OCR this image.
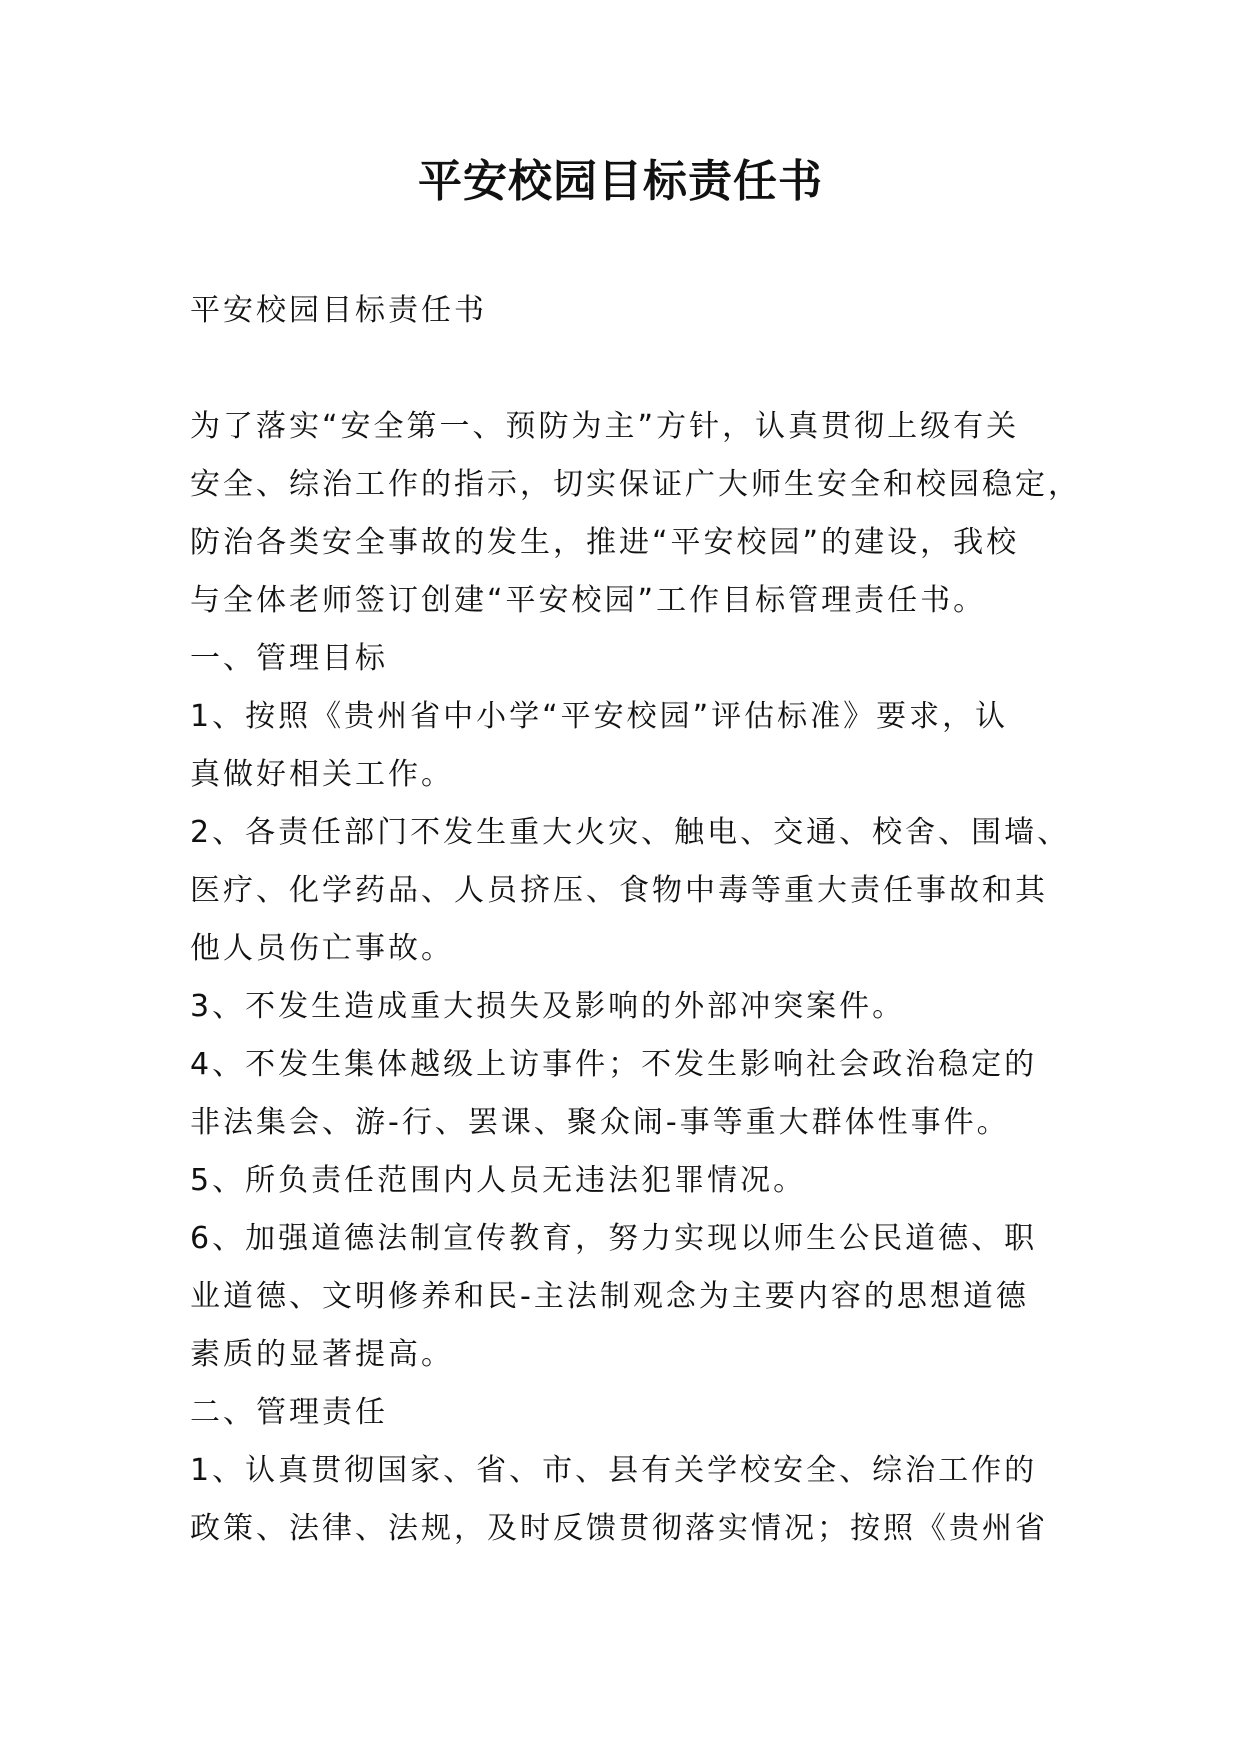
平安校园目标责任书

平安校园目标责任书

为了落实“安全第一、预防为主”方针，认真贯彻上级有关
安全、综治工作的指示，切实保证广大师生安全和校园稳定，
防治各类安全事故的发生，推进“平安校园”的建设，我校
与全体老师签订创建“平安校园”工作目标管理责任书。

一、管理目标

1、按照《贵州省中小学“平安校园”评估标准》要求，认
真做好相关工作。

2、各责任部门不发生重大火灾、触电、交通、校舍、围墙、
医疗、化学药品、人员挤压、食物中毒等重大责任事故和其
他人员伤亡事故。

3、不发生造成重大损失及影响的外部冲突案件。

4、不发生集体越级上访事件；不发生影响社会政治稳定的
非法集会、游-行、罢课、聚众闹-事等重大群体性事件。

5、所负责任范围内人员无违法犯罪情况。

6、加强道德法制宣传教育，努力实现以师生公民道德、职
业道德、文明修养和民-主法制观念为主要内容的思想道德
素质的显著提高。

二、管理责任

1、认真贯彻国家、省、市、县有关学校安全、综治工作的
政策、法律、法规，及时反馈贯彻落实情况；按照《贵州省
